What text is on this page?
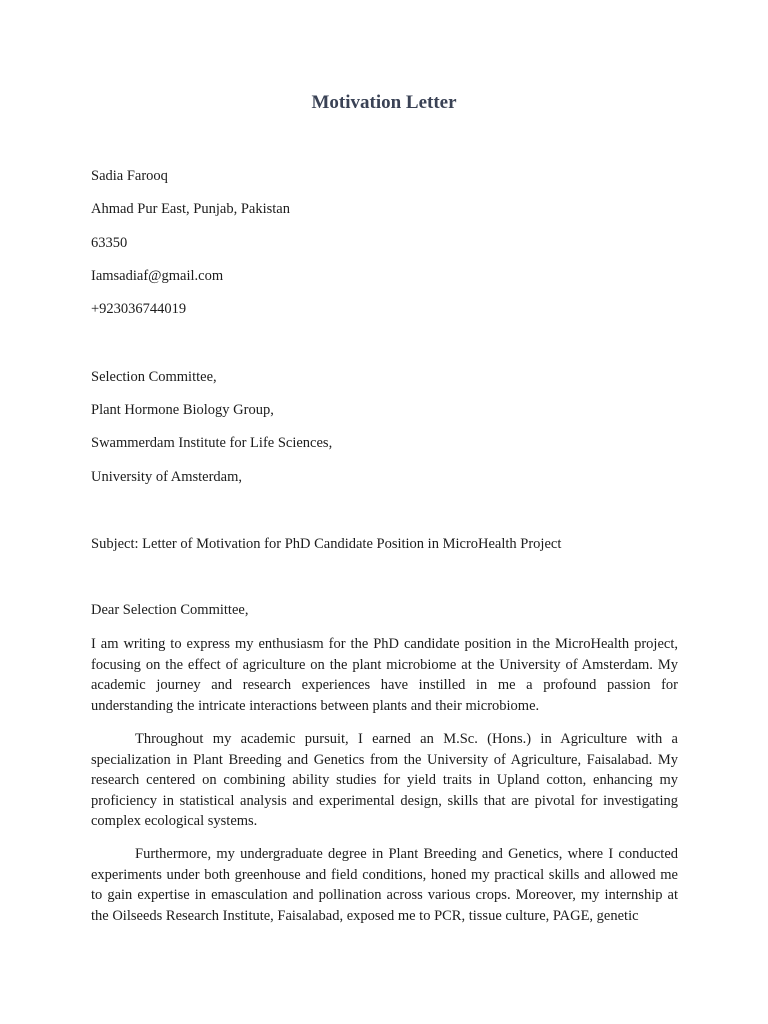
Motivation Letter

Sadia Farooq

Ahmad Pur East, Punjab, Pakistan

63350

Iamsadiaf@gmail.com

+923036744019

Selection Committee,

Plant Hormone Biology Group,

Swammerdam Institute for Life Sciences,

University of Amsterdam,

Subject: Letter of Motivation for PhD Candidate Position in MicroHealth Project

Dear Selection Committee,

I am writing to express my enthusiasm for the PhD candidate position in the MicroHealth project, focusing on the effect of agriculture on the plant microbiome at the University of Amsterdam. My academic journey and research experiences have instilled in me a profound passion for understanding the intricate interactions between plants and their microbiome.

Throughout my academic pursuit, I earned an M.Sc. (Hons.) in Agriculture with a specialization in Plant Breeding and Genetics from the University of Agriculture, Faisalabad. My research centered on combining ability studies for yield traits in Upland cotton, enhancing my proficiency in statistical analysis and experimental design, skills that are pivotal for investigating complex ecological systems.

Furthermore, my undergraduate degree in Plant Breeding and Genetics, where I conducted experiments under both greenhouse and field conditions, honed my practical skills and allowed me to gain expertise in emasculation and pollination across various crops. Moreover, my internship at the Oilseeds Research Institute, Faisalabad, exposed me to PCR, tissue culture, PAGE, genetic
